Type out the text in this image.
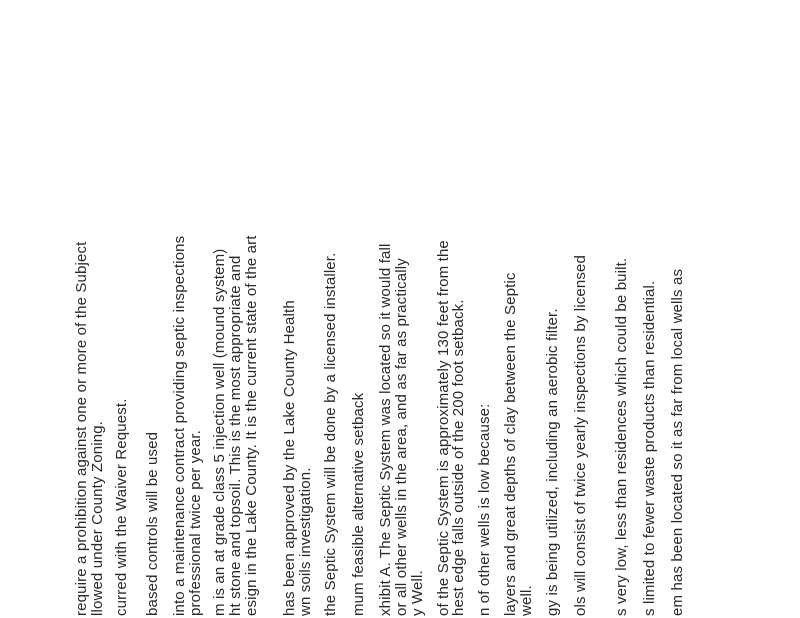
require a prohibition against one or more of the Subject llowed under County Zoning. curred with the Waiver Request. based controls will be used into a maintenance contract providing septic inspections professional twice per year. m is an at grade class 5 injection well (mound system) ht stone and topsoil. This is the most appropriate and esign in the Lake County. It is the current state of the art has been approved by the Lake County Health wn soils investigation. the Septic System will be done by a licensed installer. mum feasible alternative setback xhibit A. The Septic System was located so it would fall or all other wells in the area, and as far as practically y Well. of the Septic System is approximately 130 feet from the
hest edge falls outside of the 200 foot setback. n of other wells is low because: layers and great depths of clay between the Septic well. gy is being utilized, including an aerobic filter. ols will consist of twice yearly inspections by licensed s very low, less than residences which could be built. s limited to fewer waste products than residential. em has been located so it as far from local wells as
